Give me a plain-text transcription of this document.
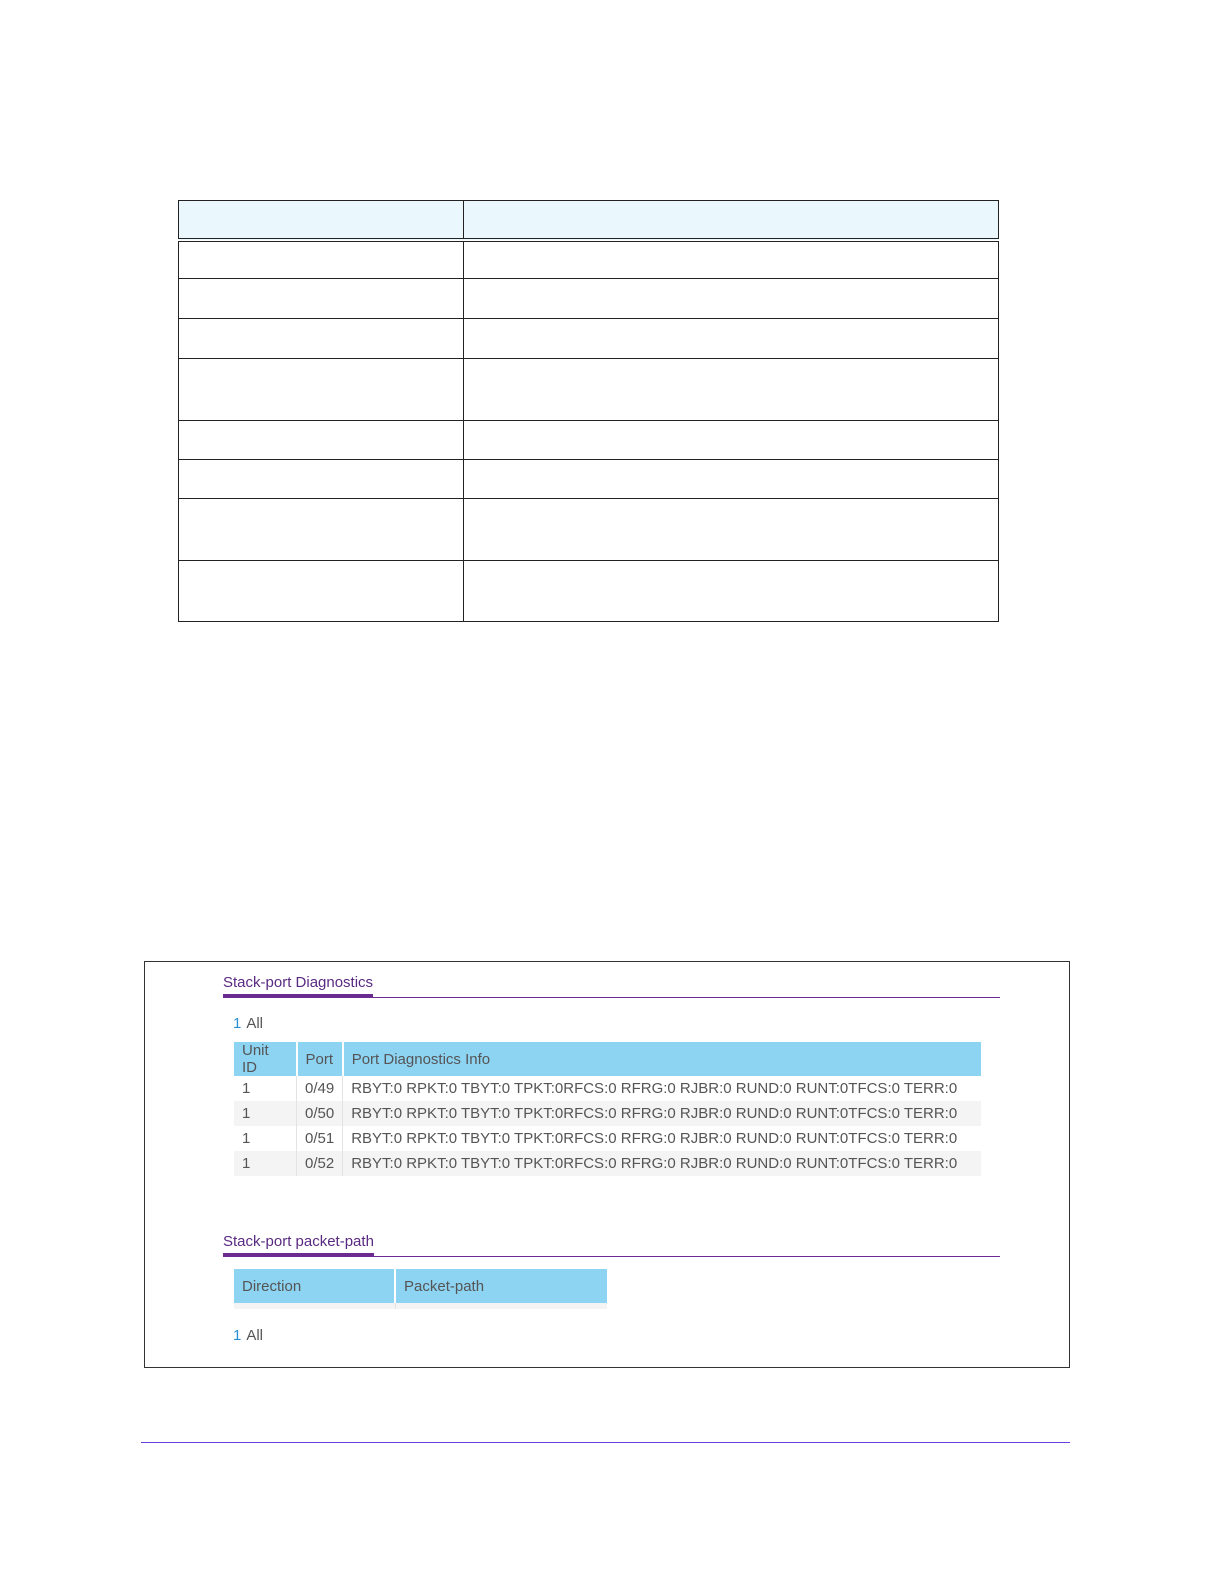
Stack-port Diagnostics
1 All
Unit ID	Port	Port Diagnostics Info
1	0/49	RBYT:0 RPKT:0 TBYT:0 TPKT:0RFCS:0 RFRG:0 RJBR:0 RUND:0 RUNT:0TFCS:0 TERR:0
1	0/50	RBYT:0 RPKT:0 TBYT:0 TPKT:0RFCS:0 RFRG:0 RJBR:0 RUND:0 RUNT:0TFCS:0 TERR:0
1	0/51	RBYT:0 RPKT:0 TBYT:0 TPKT:0RFCS:0 RFRG:0 RJBR:0 RUND:0 RUNT:0TFCS:0 TERR:0
1	0/52	RBYT:0 RPKT:0 TBYT:0 TPKT:0RFCS:0 RFRG:0 RJBR:0 RUND:0 RUNT:0TFCS:0 TERR:0
Stack-port packet-path
Direction	Packet-path

1 All
